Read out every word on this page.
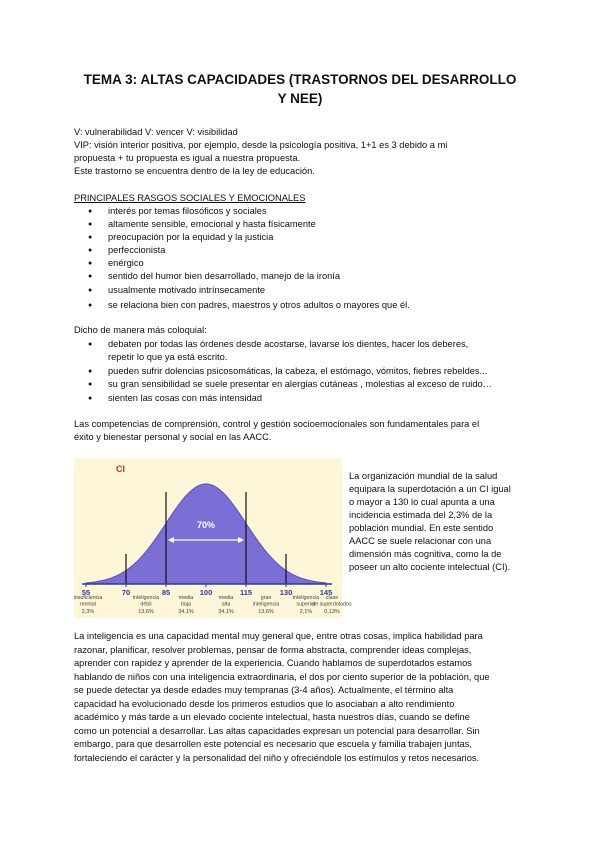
TEMA 3: ALTAS CAPACIDADES (TRASTORNOS DEL DESARROLLO Y NEE)
V: vulnerabilidad V: vencer V: visibilidad
VIP: visión interior positiva, por ejemplo, desde la psicología positiva, 1+1 es 3 debido a mi
propuesta + tu propuesta es igual a nuestra propuesta.
Este trastorno se encuentra dentro de la ley de educación.
PRINCIPALES RASGOS SOCIALES Y EMOCIONALES
● interés por temas filosóficos y sociales
● altamente sensible, emocional y hasta físicamente
● preocupación por la equidad y la justicia
● perfeccionista
● enérgico
● sentido del humor bien desarrollado, manejo de la ironía
● usualmente motivado intrínsecamente
● se relaciona bien con padres, maestros y otros adultos o mayores que él.
Dicho de manera más coloquial:
● debaten por todas las órdenes desde acostarse, lavarse los dientes, hacer los deberes,
repetir lo que ya está escrito.
● pueden sufrir dolencias psicosomáticas, la cabeza, el estómago, vómitos, fiebres rebeldes...
● su gran sensibilidad se suele presentar en alergias cutáneas , molestias al exceso de ruido…
● sienten las cosas con más intensidad
Las competencias de comprensión, control y gestión socioemocionales son fundamentales para el
éxito y bienestar personal y social en las AACC.
CI
70%
55	70	85	100	115	130	145
insuficiencia
mental
2,3%
inteligencia
débil
13,6%
media
baja
34,1%
media
alta
34,1%
gran
inteligencia
13,6%
inteligencia
superior
2,1%
clase
de superdotados
0,13%
La organización mundial de la salud
equipara la superdotación a un CI igual
o mayor a 130 lo cual apunta a una
incidencia estimada del 2,3% de la
población mundial. En este sentido
AACC se suele relacionar con una
dimensión más cognitiva, como la de
poseer un alto cociente intelectual (CI).
La inteligencia es una capacidad mental muy general que, entre otras cosas, implica habilidad para
razonar, planificar, resolver problemas, pensar de forma abstracta, comprender ideas complejas,
aprender con rapidez y aprender de la experiencia. Cuando hablamos de superdotados estamos
hablando de niños con una inteligencia extraordinaria, el dos por ciento superior de la población, que
se puede detectar ya desde edades muy tempranas (3-4 años). Actualmente, el término alta
capacidad ha evolucionado desde los primeros estudios que lo asociaban a alto rendimiento
académico y más tarde a un elevado cociente intelectual, hasta nuestros días, cuando se define
como un potencial a desarrollar. Las altas capacidades expresan un potencial para desarrollar. Sin
embargo, para que desarrollen este potencial es necesario que escuela y familia trabajen juntas,
fortaleciendo el carácter y la personalidad del niño y ofreciéndole los estímulos y retos necesarios.
